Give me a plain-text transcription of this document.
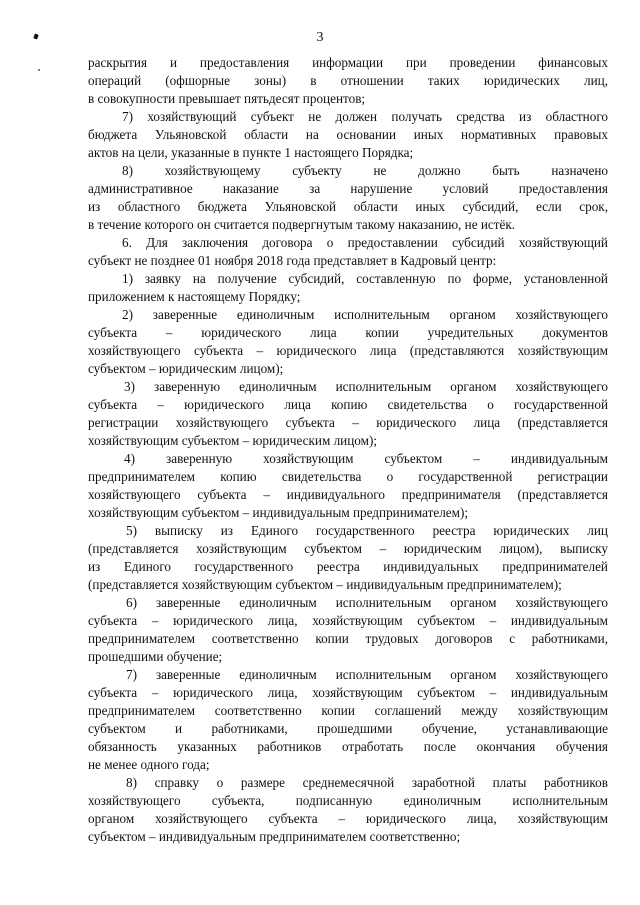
3
раскрытия и предоставления информации при проведении финансовых
операций (офшорные зоны) в отношении таких юридических лиц,
в совокупности превышает пятьдесят процентов;
7) хозяйствующий субъект не должен получать средства из областного
бюджета Ульяновской области на основании иных нормативных правовых
актов на цели, указанные в пункте 1 настоящего Порядка;
8) хозяйствующему субъекту не должно быть назначено
административное наказание за нарушение условий предоставления
из областного бюджета Ульяновской области иных субсидий, если срок,
в течение которого он считается подвергнутым такому наказанию, не истёк.
6. Для заключения договора о предоставлении субсидий хозяйствующий
субъект не позднее 01 ноября 2018 года представляет в Кадровый центр:
1) заявку на получение субсидий, составленную по форме, установленной
приложением к настоящему Порядку;
2) заверенные единоличным исполнительным органом хозяйствующего
субъекта – юридического лица копии учредительных документов
хозяйствующего субъекта – юридического лица (представляются хозяйствующим
субъектом – юридическим лицом);
3) заверенную единоличным исполнительным органом хозяйствующего
субъекта – юридического лица копию свидетельства о государственной
регистрации хозяйствующего субъекта – юридического лица (представляется
хозяйствующим субъектом – юридическим лицом);
4) заверенную хозяйствующим субъектом – индивидуальным
предпринимателем копию свидетельства о государственной регистрации
хозяйствующего субъекта – индивидуального предпринимателя (представляется
хозяйствующим субъектом – индивидуальным предпринимателем);
5) выписку из Единого государственного реестра юридических лиц
(представляется хозяйствующим субъектом – юридическим лицом), выписку
из Единого государственного реестра индивидуальных предпринимателей
(представляется хозяйствующим субъектом – индивидуальным предпринимателем);
6) заверенные единоличным исполнительным органом хозяйствующего
субъекта – юридического лица, хозяйствующим субъектом – индивидуальным
предпринимателем соответственно копии трудовых договоров с работниками,
прошедшими обучение;
7) заверенные единоличным исполнительным органом хозяйствующего
субъекта – юридического лица, хозяйствующим субъектом – индивидуальным
предпринимателем соответственно копии соглашений между хозяйствующим
субъектом и работниками, прошедшими обучение, устанавливающие
обязанность указанных работников отработать после окончания обучения
не менее одного года;
8) справку о размере среднемесячной заработной платы работников
хозяйствующего субъекта, подписанную единоличным исполнительным
органом хозяйствующего субъекта – юридического лица, хозяйствующим
субъектом – индивидуальным предпринимателем соответственно;
